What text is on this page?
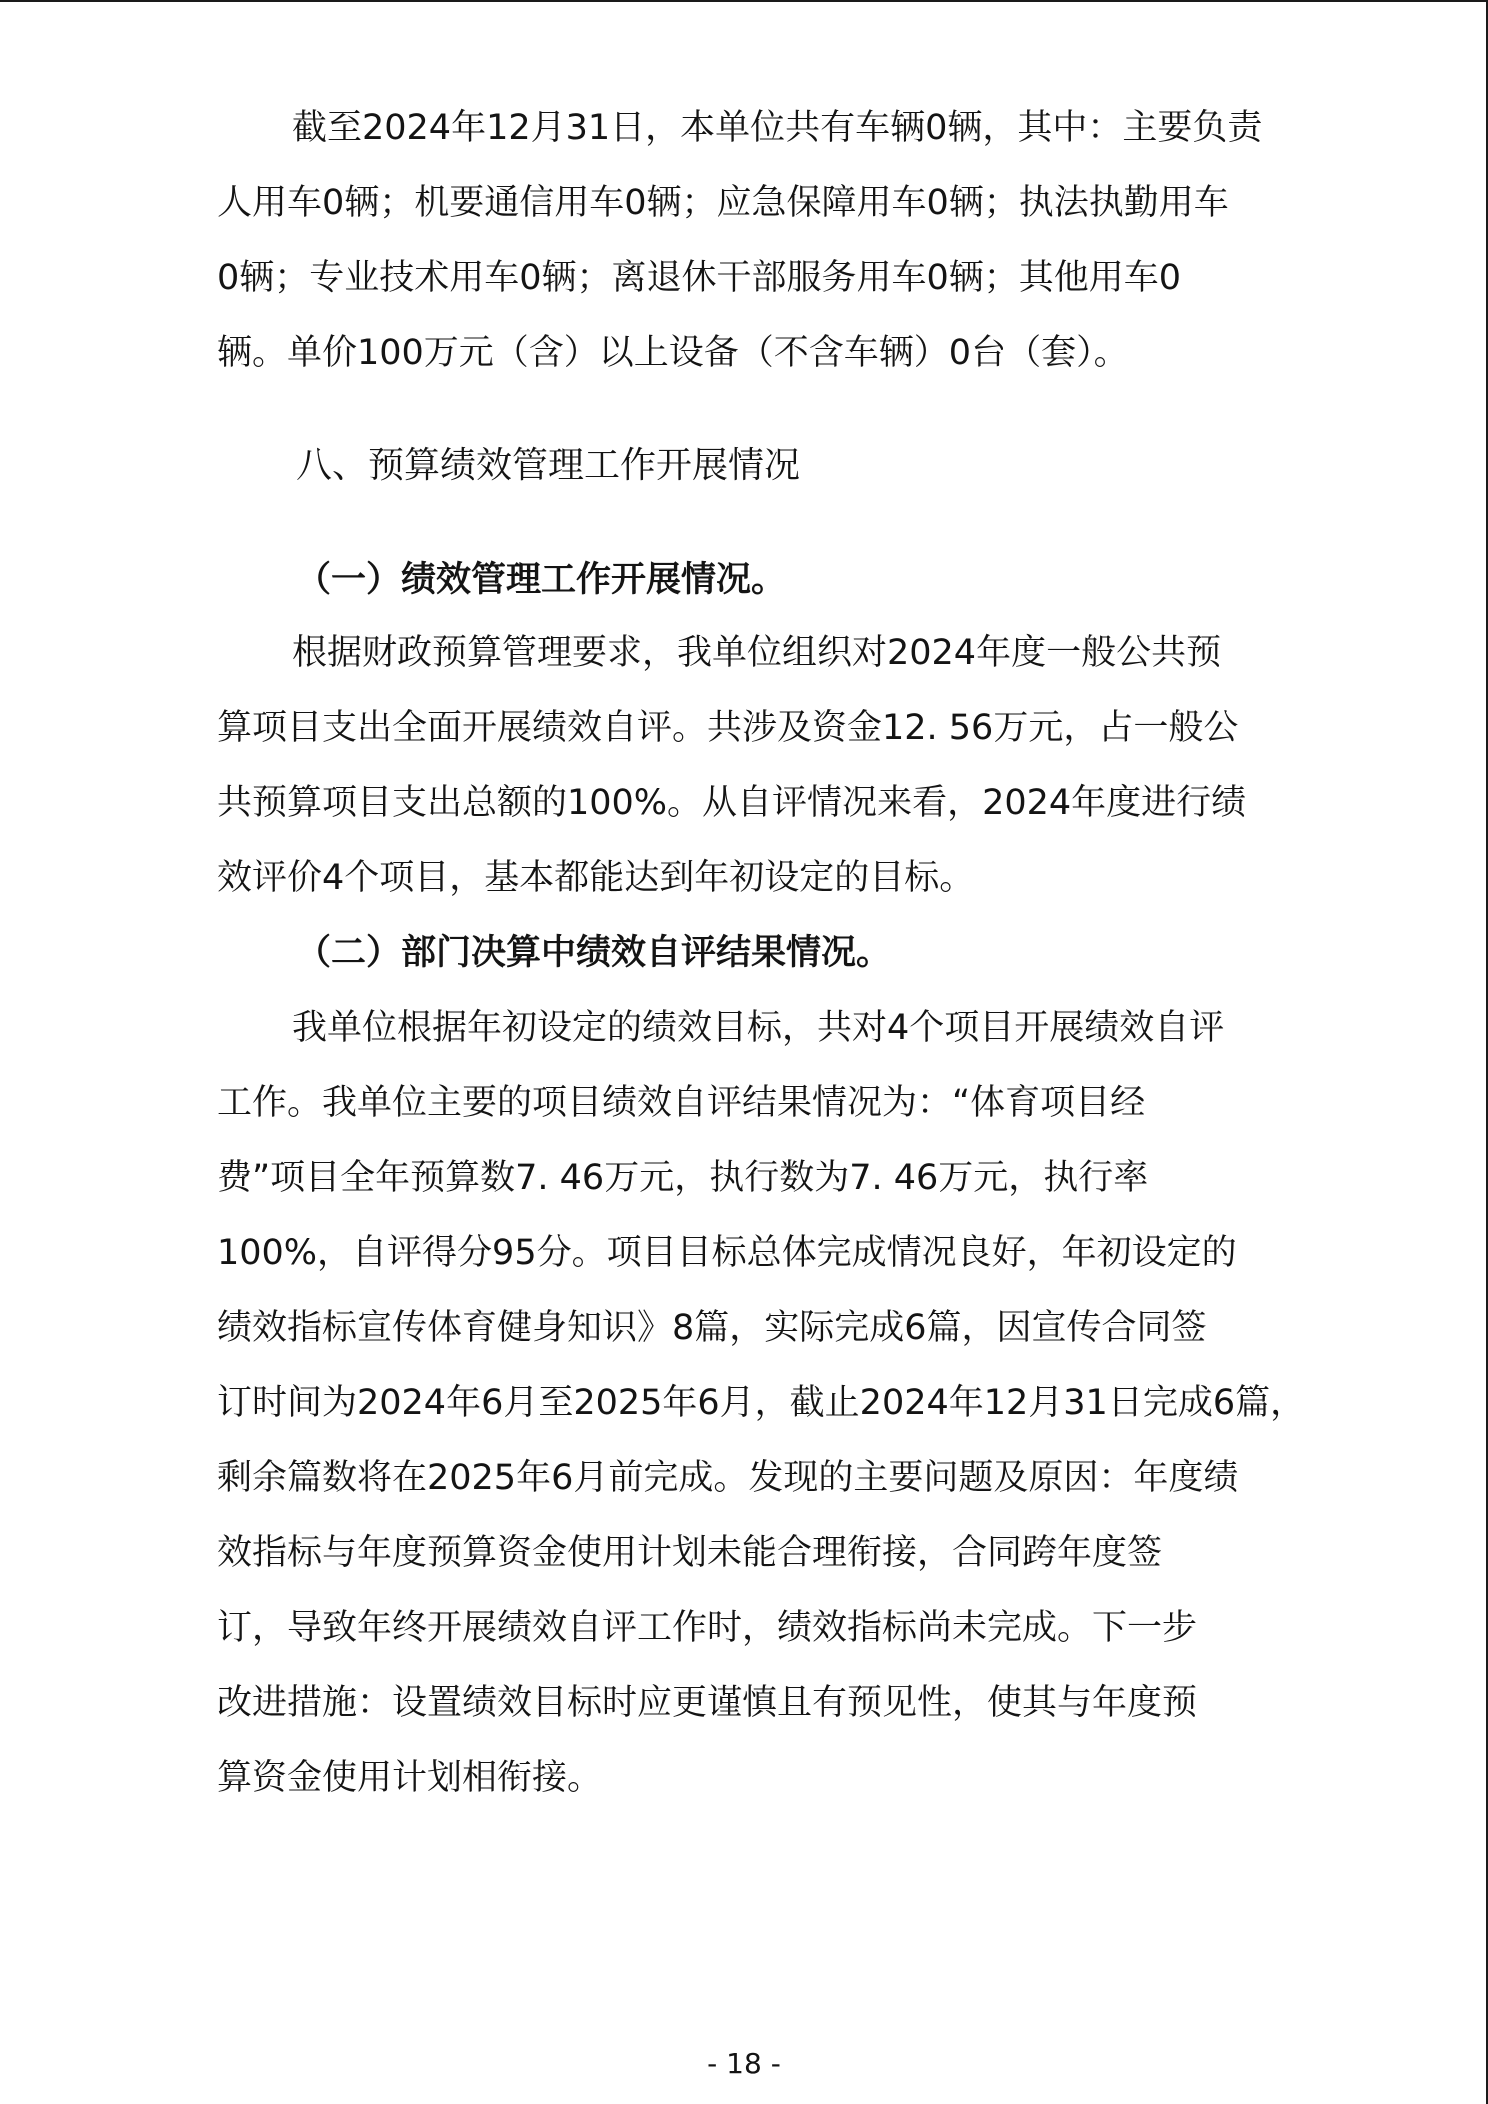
截至2024年12月31日，本单位共有车辆0辆，其中：主要负责
人用车0辆；机要通信用车0辆；应急保障用车0辆；执法执勤用车
0辆；专业技术用车0辆；离退休干部服务用车0辆；其他用车0
辆。单价100万元（含）以上设备（不含车辆）0台（套）。
八、预算绩效管理工作开展情况
（一）绩效管理工作开展情况。
根据财政预算管理要求，我单位组织对2024年度一般公共预
算项目支出全面开展绩效自评。共涉及资金12. 56万元，占一般公
共预算项目支出总额的100%。从自评情况来看，2024年度进行绩
效评价4个项目，基本都能达到年初设定的目标。
（二）部门决算中绩效自评结果情况。
我单位根据年初设定的绩效目标，共对4个项目开展绩效自评
工作。我单位主要的项目绩效自评结果情况为：“体育项目经
费”项目全年预算数7. 46万元，执行数为7. 46万元，执行率
100%，自评得分95分。项目目标总体完成情况良好，年初设定的
绩效指标宣传体育健身知识》8篇，实际完成6篇，因宣传合同签
订时间为2024年6月至2025年6月，截止2024年12月31日完成6篇，
剩余篇数将在2025年6月前完成。发现的主要问题及原因：年度绩
效指标与年度预算资金使用计划未能合理衔接，合同跨年度签
订，导致年终开展绩效自评工作时，绩效指标尚未完成。下一步
改进措施：设置绩效目标时应更谨慎且有预见性，使其与年度预
算资金使用计划相衔接。
- 18 -
